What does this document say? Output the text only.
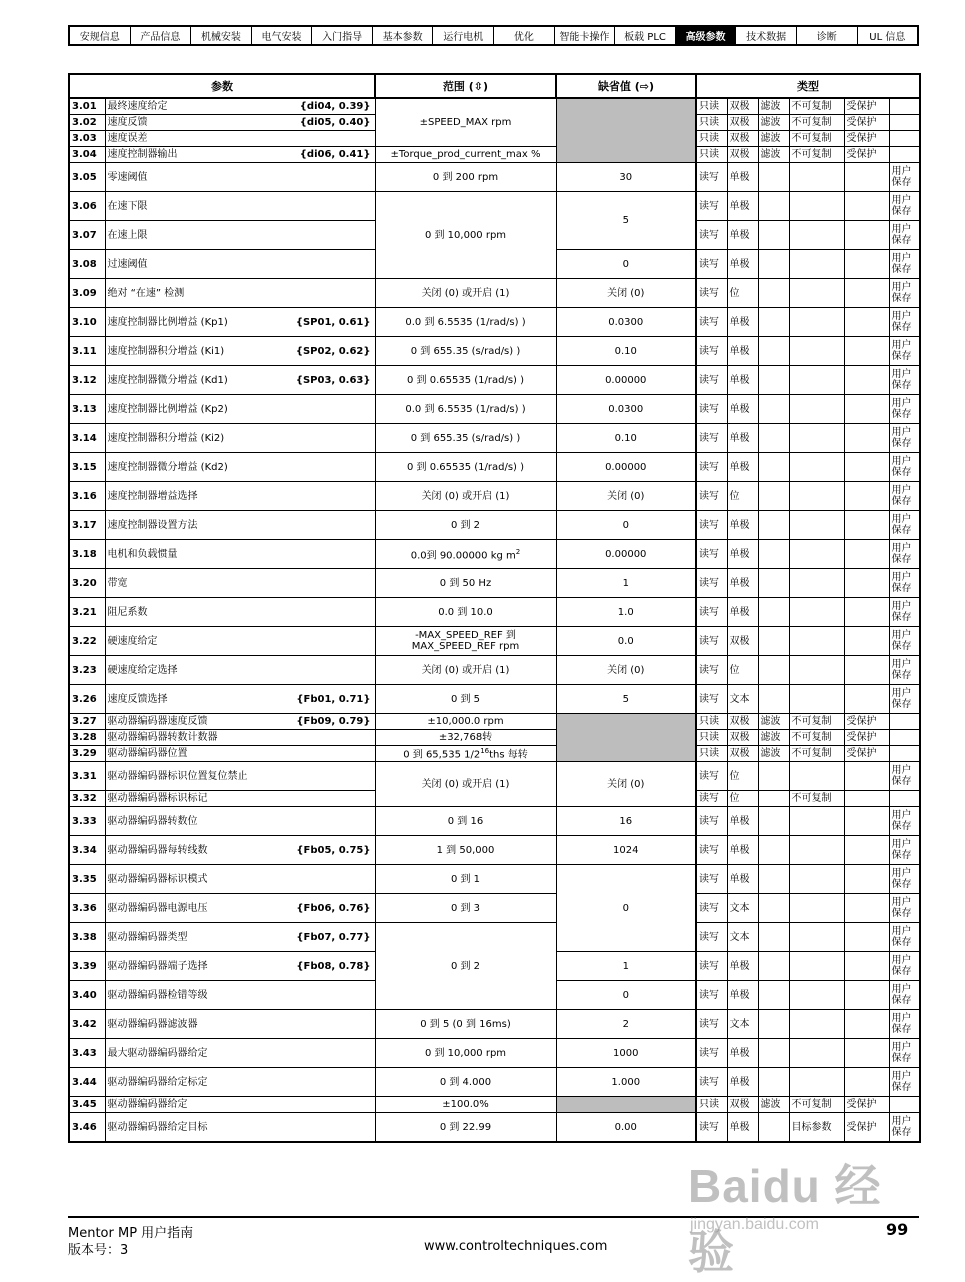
安规信息	产品信息	机械安装	电气安装	入门指导	基本参数	运行电机	优化	智能卡操作	板载 PLC	高级参数	技术数据	诊断	UL 信息
参数		范围 (⇳)	缺省值 (⇨)	类型					
3.01	最终速度给定 {di04, 0.39}	±SPEED_MAX rpm		只读	双极	滤波	不可复制	受保护	
3.02	速度反馈 {di05, 0.40}			只读	双极	滤波	不可复制	受保护	
3.03	速度误差			只读	双极	滤波	不可复制	受保护	
3.04	速度控制器输出 {di06, 0.41}	±Torque_prod_current_max %		只读	双极	滤波	不可复制	受保护	
3.05	零速阈值	0 到 200 rpm	30	读写	单极				用户
保存
3.06	在速下限	0 到 10,000 rpm	5	读写	单极				用户
保存
3.07	在速上限			读写	单极				用户
保存
3.08	过速阈值		0	读写	单极				用户
保存
3.09	绝对 “在速” 检测	关闭 (0) 或开启 (1)	关闭 (0)	读写	位				用户
保存
3.10	速度控制器比例增益 (Kp1) {SP01, 0.61}	0.0 到 6.5535 (1/rad/s) )	0.0300	读写	单极				用户
保存
3.11	速度控制器积分增益 (Ki1) {SP02, 0.62}	0 到 655.35 (s/rad/s) )	0.10	读写	单极				用户
保存
3.12	速度控制器微分增益 (Kd1) {SP03, 0.63}	0 到 0.65535 (1/rad/s) )	0.00000	读写	单极				用户
保存
3.13	速度控制器比例增益 (Kp2)	0.0 到 6.5535 (1/rad/s) )	0.0300	读写	单极				用户
保存
3.14	速度控制器积分增益 (Ki2)	0 到 655.35 (s/rad/s) )	0.10	读写	单极				用户
保存
3.15	速度控制器微分增益 (Kd2)	0 到 0.65535 (1/rad/s) )	0.00000	读写	单极				用户
保存
3.16	速度控制器增益选择	关闭 (0) 或开启 (1)	关闭 (0)	读写	位				用户
保存
3.17	速度控制器设置方法	0 到 2	0	读写	单极				用户
保存
3.18	电机和负载惯量	0.0到 90.00000 kg $m^2$	0.00000	读写	单极				用户
保存
3.20	带宽	0 到 50 Hz	1	读写	单极				用户
保存
3.21	阻尼系数	0.0 到 10.0	1.0	读写	单极				用户
保存
3.22	硬速度给定	-MAX_SPEED_REF 到
MAX_SPEED_REF rpm	0.0	读写	双极				用户
保存
3.23	硬速度给定选择	关闭 (0) 或开启 (1)	关闭 (0)	读写	位				用户
保存
3.26	速度反馈选择 {Fb01, 0.71}	0 到 5	5	读写	文本				用户
保存
3.27	驱动器编码器速度反馈 {Fb09, 0.79}	±10,000.0 rpm		只读	双极	滤波	不可复制	受保护	
3.28	驱动器编码器转数计数器	±32,768转		只读	双极	滤波	不可复制	受保护	
3.29	驱动器编码器位置	0 到 65,535 $1/2^{16}ths$ 每转		只读	双极	滤波	不可复制	受保护	
3.31	驱动器编码器标识位置复位禁止	关闭 (0) 或开启 (1)	关闭 (0)	读写	位				用户
保存
3.32	驱动器编码器标识标记			读写	位		不可复制		
3.33	驱动器编码器转数位	0 到 16	16	读写	单极				用户
保存
3.34	驱动器编码器每转线数 {Fb05, 0.75}	1 到 50,000	1024	读写	单极				用户
保存
3.35	驱动器编码器标识模式	0 到 1	0	读写	单极				用户
保存
3.36	驱动器编码器电源电压 {Fb06, 0.76}	0 到 3		读写	文本				用户
保存
3.38	驱动器编码器类型 {Fb07, 0.77}	0 到 2		读写	文本				用户
保存
3.39	驱动器编码器端子选择 {Fb08, 0.78}		1	读写	单极				用户
保存
3.40	驱动器编码器检错等级		0	读写	单极				用户
保存
3.42	驱动器编码器滤波器	0 到 5 (0 到 16ms)	2	读写	文本				用户
保存
3.43	最大驱动器编码器给定	0 到 10,000 rpm	1000	读写	单极				用户
保存
3.44	驱动器编码器给定标定	0 到 4.000	1.000	读写	单极				用户
保存
3.45	驱动器编码器给定	±100.0%		只读	双极	滤波	不可复制	受保护	
3.46	驱动器编码器给定目标	0 到 22.99	0.00	读写	单极		目标参数	受保护	用户
保存
Mentor MP 用户指南
版本号：3	www.controltechniques.com
99
Baidu 经验
jingyan.baidu.com
